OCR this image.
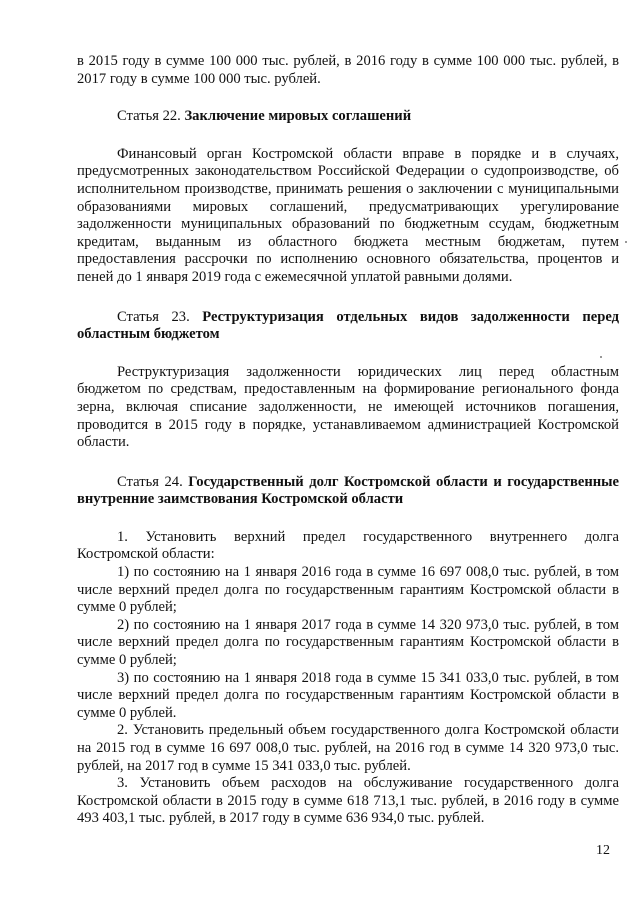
в 2015 году в сумме 100 000 тыс. рублей, в 2016 году в сумме 100 000 тыс. рублей, в 2017 году в сумме 100 000 тыс. рублей.

Статья 22. Заключение мировых соглашений

Финансовый орган Костромской области вправе в порядке и в случаях, предусмотренных законодательством Российской Федерации о судопроизводстве, об исполнительном производстве, принимать решения о заключении с муниципальными образованиями мировых соглашений, предусматривающих урегулирование задолженности муниципальных образований по бюджетным ссудам, бюджетным кредитам, выданным из областного бюджета местным бюджетам, путем предоставления рассрочки по исполнению основного обязательства, процентов и пеней до 1 января 2019 года с ежемесячной уплатой равными долями.

Статья 23. Реструктуризация отдельных видов задолженности перед областным бюджетом

Реструктуризация задолженности юридических лиц перед областным бюджетом по средствам, предоставленным на формирование регионального фонда зерна, включая списание задолженности, не имеющей источников погашения, проводится в 2015 году в порядке, устанавливаемом администрацией Костромской области.

Статья 24. Государственный долг Костромской области и государственные внутренние заимствования Костромской области

1. Установить верхний предел государственного внутреннего долга Костромской области:

1) по состоянию на 1 января 2016 года в сумме 16 697 008,0 тыс. рублей, в том числе верхний предел долга по государственным гарантиям Костромской области в сумме 0 рублей;

2) по состоянию на 1 января 2017 года в сумме 14 320 973,0 тыс. рублей, в том числе верхний предел долга по государственным гарантиям Костромской области в сумме 0 рублей;

3) по состоянию на 1 января 2018 года в сумме 15 341 033,0 тыс. рублей, в том числе верхний предел долга по государственным гарантиям Костромской области в сумме 0 рублей.

2. Установить предельный объем государственного долга Костромской области на 2015 год в сумме 16 697 008,0 тыс. рублей, на 2016 год в сумме 14 320 973,0 тыс. рублей, на 2017 год в сумме 15 341 033,0 тыс. рублей.

3. Установить объем расходов на обслуживание государственного долга Костромской области в 2015 году в сумме 618 713,1 тыс. рублей, в 2016 году в сумме 493 403,1 тыс. рублей, в 2017 году в сумме 636 934,0 тыс. рублей.

12
